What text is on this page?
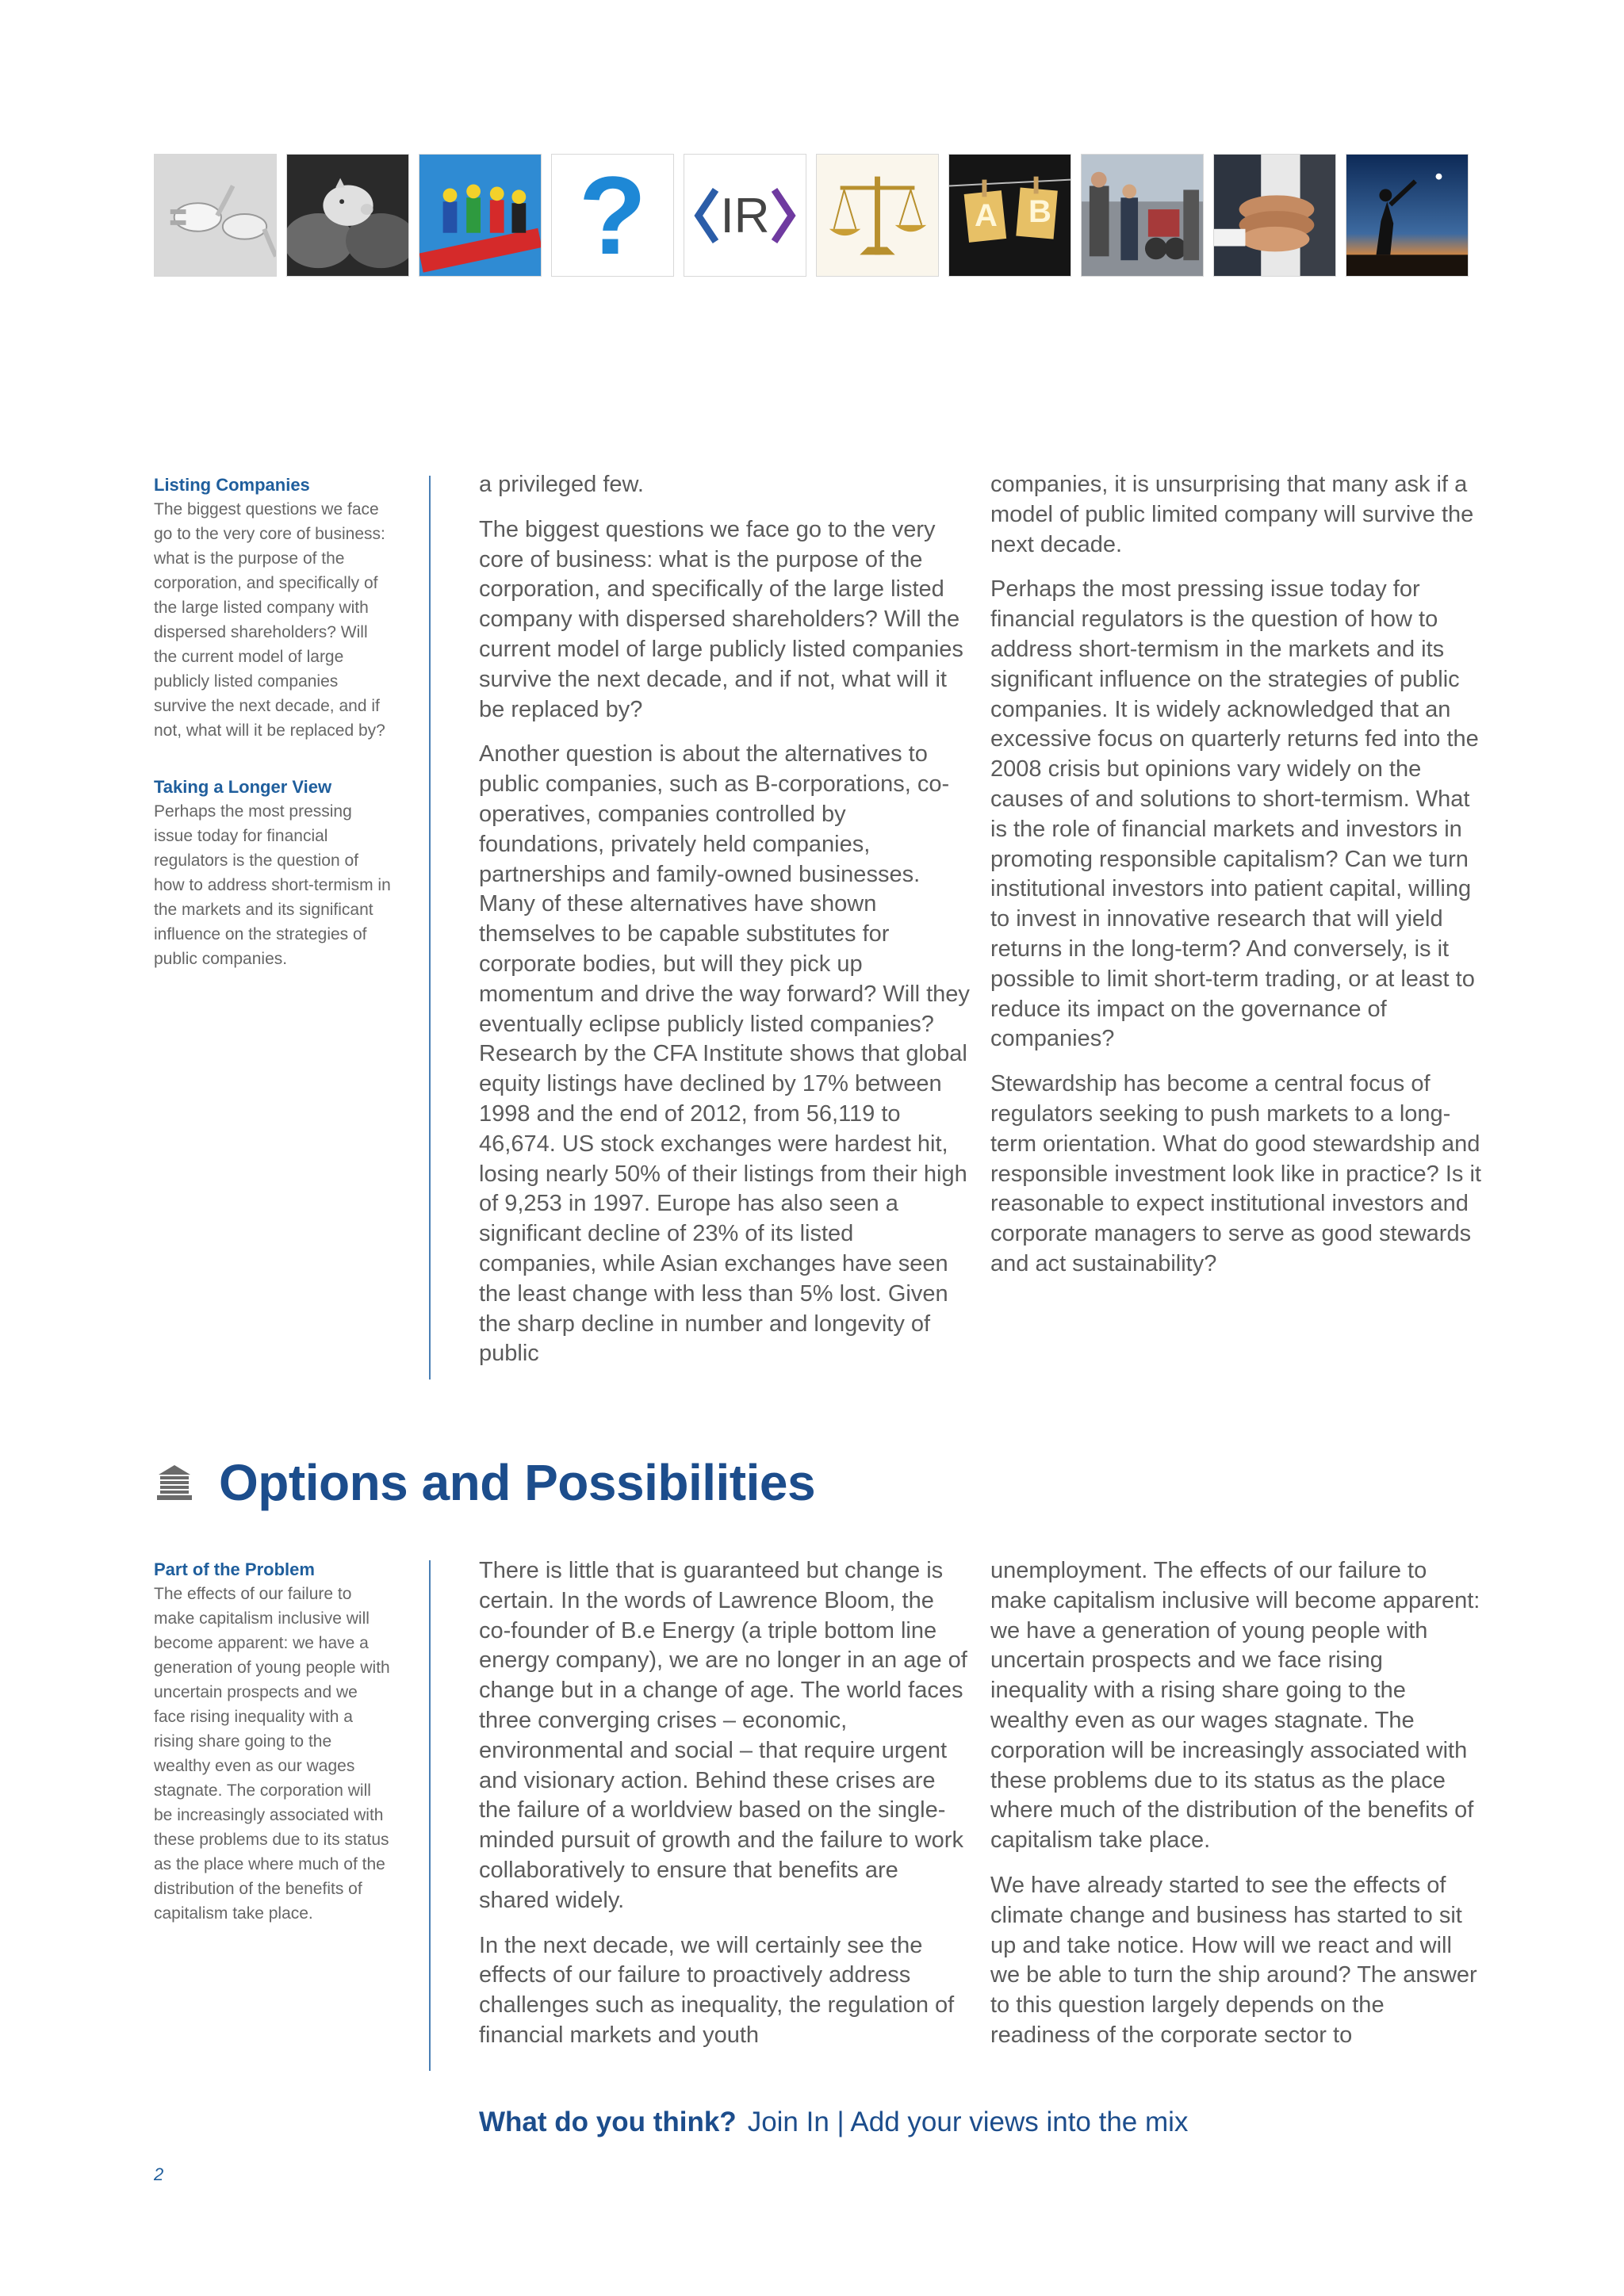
?	IR	A B
Listing Companies

The biggest questions we face go to the very core of business: what is the purpose of the corporation, and specifically of the large listed company with dispersed shareholders? Will the current model of large publicly listed companies survive the next decade, and if not, what will it be replaced by?

Taking a Longer View

Perhaps the most pressing issue today for financial regulators is the question of how to address short-termism in the markets and its significant influence on the strategies of public companies.

a privileged few.

The biggest questions we face go to the very core of business: what is the purpose of the corporation, and specifically of the large listed company with dispersed shareholders? Will the current model of large publicly listed companies survive the next decade, and if not, what will it be replaced by?

Another question is about the alternatives to public companies, such as B-corporations, co-operatives, companies controlled by foundations, privately held companies, partnerships and family-owned businesses. Many of these alternatives have shown themselves to be capable substitutes for corporate bodies, but will they pick up momentum and drive the way forward? Will they eventually eclipse publicly listed companies? Research by the CFA Institute shows that global equity listings have declined by 17% between 1998 and the end of 2012, from 56,119 to 46,674. US stock exchanges were hardest hit, losing nearly 50% of their listings from their high of 9,253 in 1997. Europe has also seen a significant decline of 23% of its listed companies, while Asian exchanges have seen the least change with less than 5% lost. Given the sharp decline in number and longevity of public

companies, it is unsurprising that many ask if a model of public limited company will survive the next decade.

Perhaps the most pressing issue today for financial regulators is the question of how to address short-termism in the markets and its significant influence on the strategies of public companies. It is widely acknowledged that an excessive focus on quarterly returns fed into the 2008 crisis but opinions vary widely on the causes of and solutions to short-termism. What is the role of financial markets and investors in promoting responsible capitalism? Can we turn institutional investors into patient capital, willing to invest in innovative research that will yield returns in the long-term? And conversely, is it possible to limit short-term trading, or at least to reduce its impact on the governance of companies?

Stewardship has become a central focus of regulators seeking to push markets to a long-term orientation. What do good stewardship and responsible investment look like in practice? Is it reasonable to expect institutional investors and corporate managers to serve as good stewards and act sustainability?

Options and Possibilities
Part of the Problem

The effects of our failure to make capitalism inclusive will become apparent: we have a generation of young people with uncertain prospects and we face rising inequality with a rising share going to the wealthy even as our wages stagnate. The corporation will be increasingly associated with these problems due to its status as the place where much of the distribution of the benefits of capitalism take place.

There is little that is guaranteed but change is certain. In the words of Lawrence Bloom, the co-founder of B.e Energy (a triple bottom line energy company), we are no longer in an age of change but in a change of age. The world faces three converging crises – economic, environmental and social – that require urgent and visionary action. Behind these crises are the failure of a worldview based on the single-minded pursuit of growth and the failure to work collaboratively to ensure that benefits are shared widely.

In the next decade, we will certainly see the effects of our failure to proactively address challenges such as inequality, the regulation of financial markets and youth

unemployment. The effects of our failure to make capitalism inclusive will become apparent: we have a generation of young people with uncertain prospects and we face rising inequality with a rising share going to the wealthy even as our wages stagnate. The corporation will be increasingly associated with these problems due to its status as the place where much of the distribution of the benefits of capitalism take place.

We have already started to see the effects of climate change and business has started to sit up and take notice. How will we react and will we be able to turn the ship around? The answer to this question largely depends on the readiness of the corporate sector to

What do you think? Join In | Add your views into the mix
2
